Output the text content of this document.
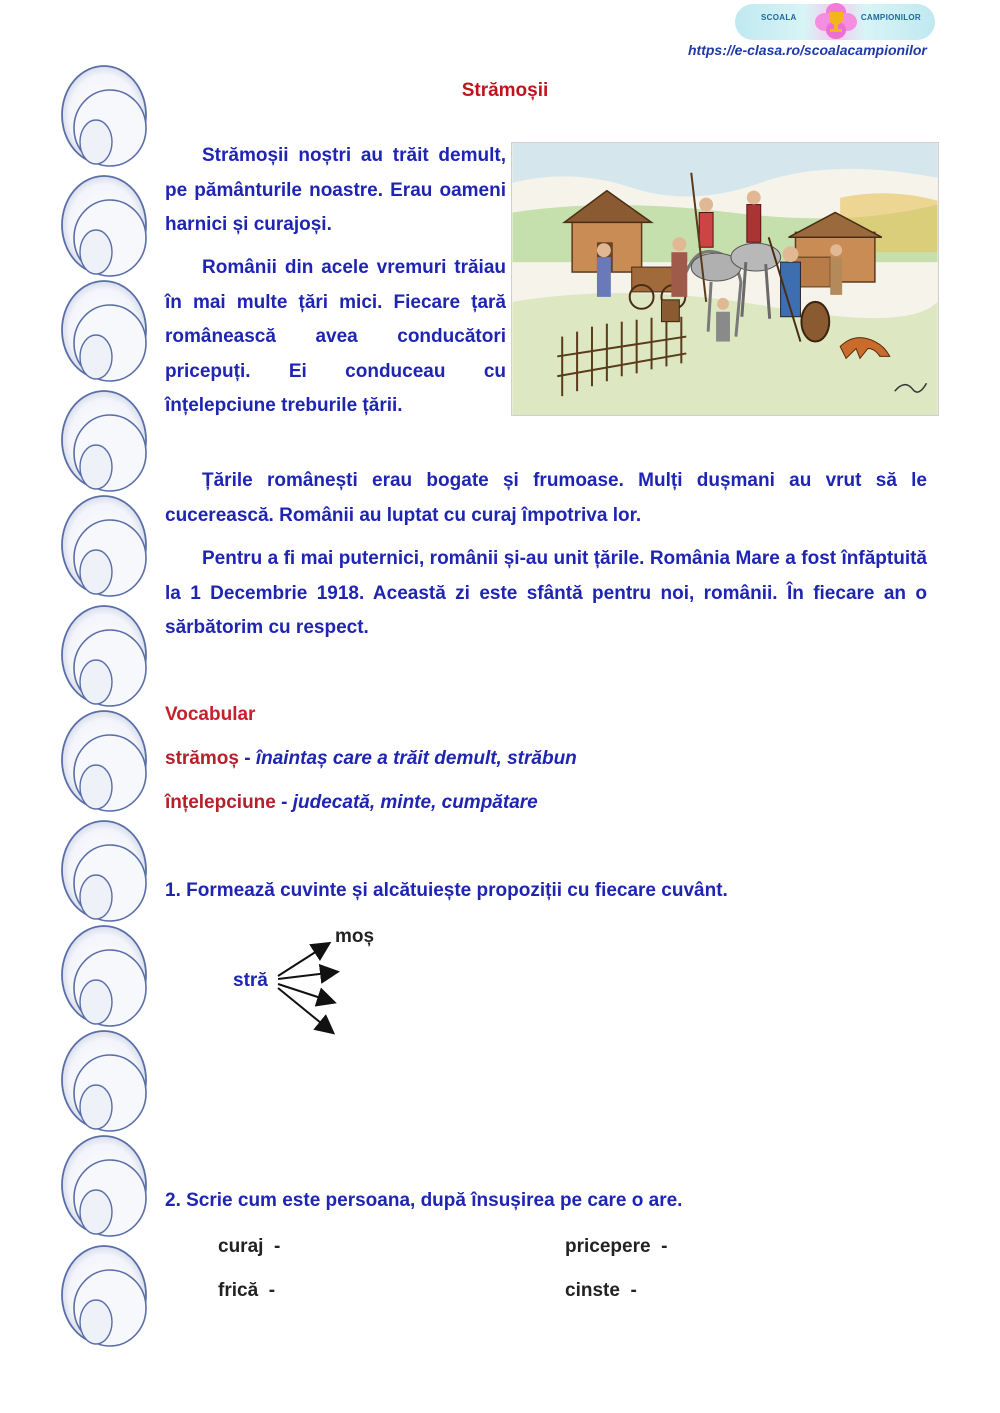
SCOALA	CAMPIONILOR
https://e-clasa.ro/scoalacampionilor
Strămoșii

Strămoșii noștri au trăit demult, pe pământurile noastre. Erau oameni harnici și curajoși.

Românii din acele vremuri trăiau în mai multe țări mici. Fiecare țară românească avea conducători pricepuți. Ei conduceau cu înțelepciune treburile țării.

Țările românești erau bogate și frumoase. Mulți dușmani au vrut să le cucerească. Românii au luptat cu curaj împotriva lor.

Pentru a fi mai puternici, românii și-au unit țările. România Mare a fost înfăptuită la 1 Decembrie 1918. Această zi este sfântă pentru noi, românii. În fiecare an o sărbătorim cu respect.

Vocabular
strămoș - înaintaș care a trăit demult, străbun
înțelepciune - judecată, minte, cumpătare
1. Formează cuvinte și alcătuiește propoziții cu fiecare cuvânt.
moș
stră
2. Scrie cum este persoana, după însușirea pe care o are.
curaj  -	pricepere  -
frică  -	cinste  -
